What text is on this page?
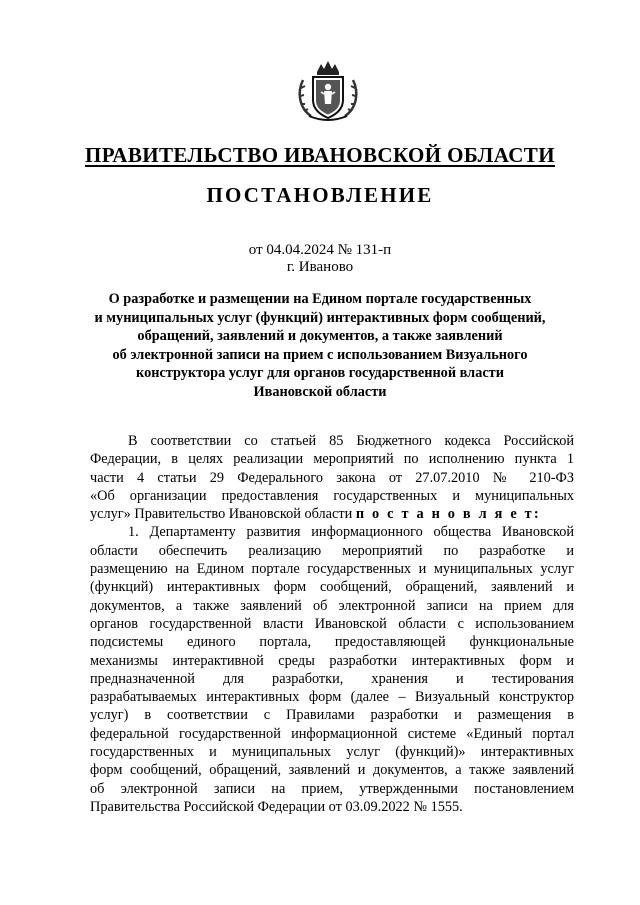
ПРАВИТЕЛЬСТВО ИВАНОВСКОЙ ОБЛАСТИ
ПОСТАНОВЛЕНИЕ
от 04.04.2024 № 131-п
г. Иваново
О разработке и размещении на Едином портале государственных
и муниципальных услуг (функций) интерактивных форм сообщений,
обращений, заявлений и документов, а также заявлений
об электронной записи на прием с использованием Визуального
конструктора услуг для органов государственной власти
Ивановской области
В соответствии со статьей 85 Бюджетного кодекса Российской
Федерации, в целях реализации мероприятий по исполнению пункта 1
части 4 статьи 29 Федерального закона от 27.07.2010 № 210-ФЗ
«Об организации предоставления государственных и муниципальных
услуг» Правительство Ивановской области п о с т а н о в л я е т:
1. Департаменту развития информационного общества Ивановской
области обеспечить реализацию мероприятий по разработке и
размещению на Едином портале государственных и муниципальных услуг
(функций) интерактивных форм сообщений, обращений, заявлений и
документов, а также заявлений об электронной записи на прием для
органов государственной власти Ивановской области с использованием
подсистемы единого портала, предоставляющей функциональные
механизмы интерактивной среды разработки интерактивных форм и
предназначенной для разработки, хранения и тестирования
разрабатываемых интерактивных форм (далее – Визуальный конструктор
услуг) в соответствии с Правилами разработки и размещения в
федеральной государственной информационной системе «Единый портал
государственных и муниципальных услуг (функций)» интерактивных
форм сообщений, обращений, заявлений и документов, а также заявлений
об электронной записи на прием, утвержденными постановлением
Правительства Российской Федерации от 03.09.2022 № 1555.
